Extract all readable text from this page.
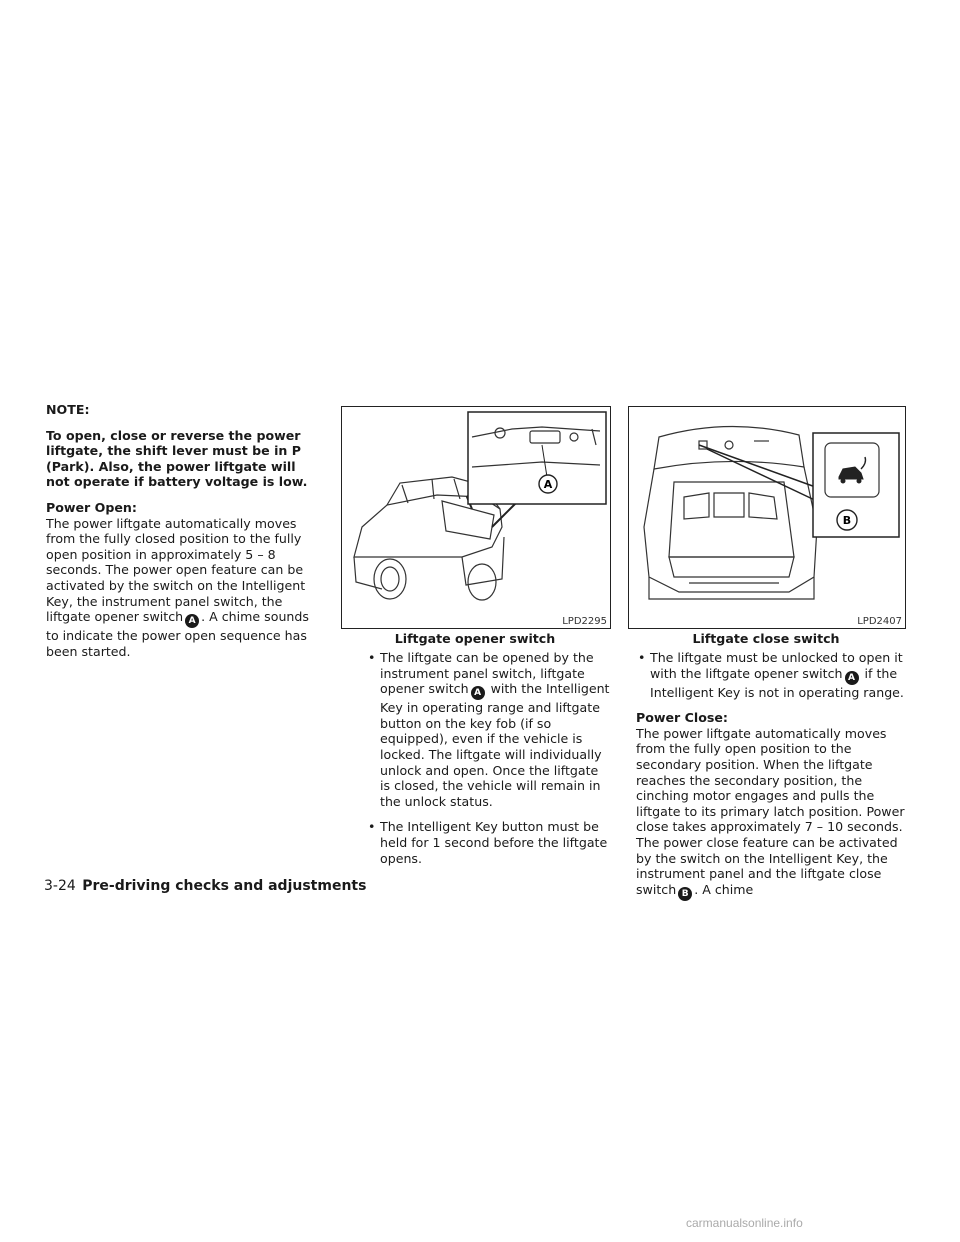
NOTE:

To open, close or reverse the power liftgate, the shift lever must be in P (Park). Also, the power liftgate will not operate if battery voltage is low.

Power Open:

The power liftgate automatically moves from the fully closed position to the fully open position in approximately 5 – 8 seconds. The power open feature can be activated by the switch on the Intelligent Key, the instrument panel switch, the liftgate opener switch A . A chime sounds to indicate the power open sequence has been started.

A
LPD2295
Liftgate opener switch

• The liftgate can be opened by the instrument panel switch, liftgate opener switch A with the Intelligent Key in operating range and liftgate button on the key fob (if so equipped), even if the vehicle is locked. The liftgate will individually unlock and open. Once the liftgate is closed, the vehicle will remain in the unlock status.

• The Intelligent Key button must be held for 1 second before the liftgate opens.

B
LPD2407
Liftgate close switch

• The liftgate must be unlocked to open it with the liftgate opener switch A if the Intelligent Key is not in operating range.

Power Close:

The power liftgate automatically moves from the fully open position to the secondary position. When the liftgate reaches the secondary position, the cinching motor engages and pulls the liftgate to its primary latch position. Power close takes approximately 7 – 10 seconds. The power close feature can be activated by the switch on the Intelligent Key, the instrument panel and the liftgate close switch B . A chime

3-24 Pre-driving checks and adjustments
carmanualsonline.info
